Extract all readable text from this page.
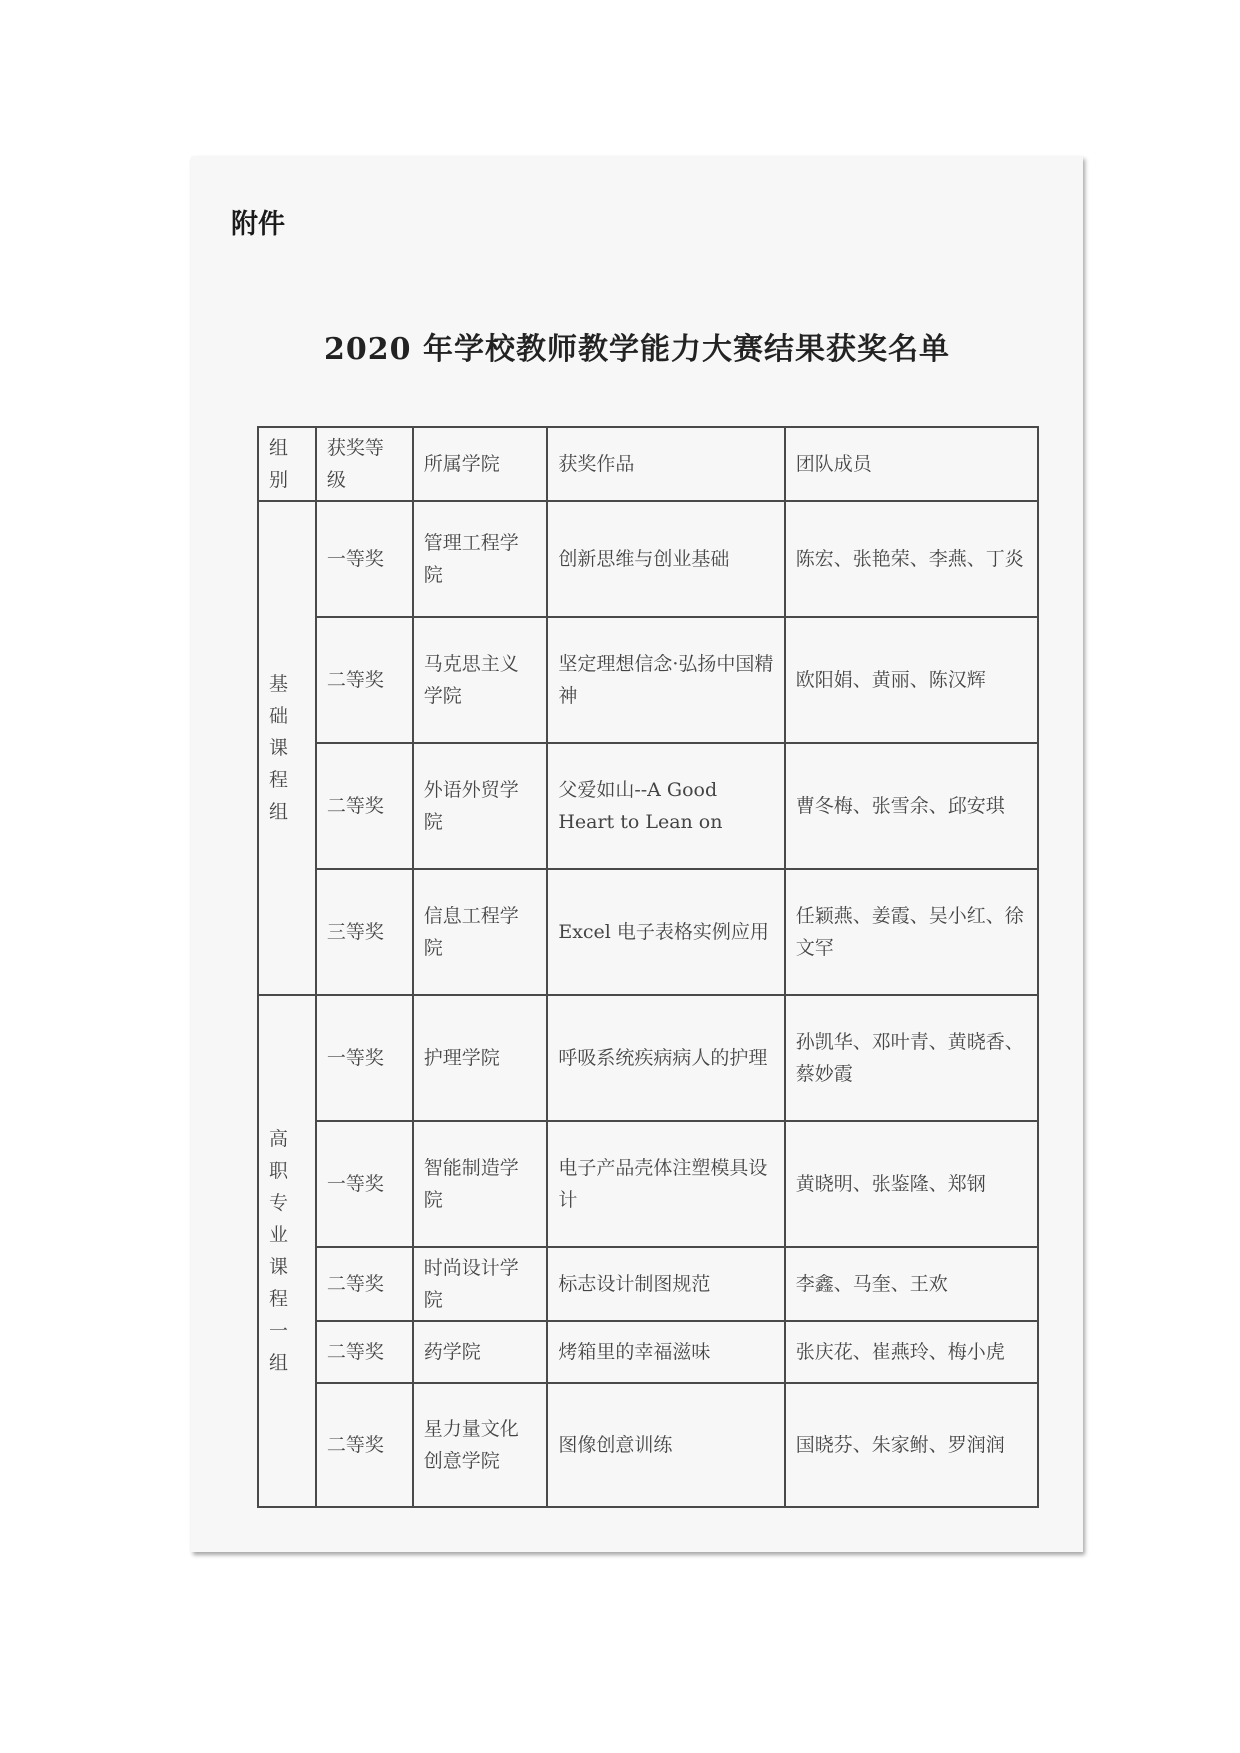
附件

2020 年学校教师教学能力大赛结果获奖名单
组别	获奖等级	所属学院	获奖作品	团队成员
基础课程组	一等奖	管理工程学院	创新思维与创业基础	陈宏、张艳荣、李燕、丁炎
	二等奖	马克思主义学院	坚定理想信念·弘扬中国精神	欧阳娟、黄丽、陈汉辉
	二等奖	外语外贸学院	父爱如山--A Good Heart to Lean on	曹冬梅、张雪余、邱安琪
	三等奖	信息工程学院	Excel 电子表格实例应用	任颖燕、姜霞、吴小红、徐文罕
高职专业课程一组	一等奖	护理学院	呼吸系统疾病病人的护理	孙凯华、邓叶青、黄晓香、蔡妙霞
	一等奖	智能制造学院	电子产品壳体注塑模具设计	黄晓明、张鉴隆、郑钢
	二等奖	时尚设计学院	标志设计制图规范	李鑫、马奎、王欢
	二等奖	药学院	烤箱里的幸福滋味	张庆花、崔燕玲、梅小虎
	二等奖	星力量文化创意学院	图像创意训练	国晓芬、朱家鲋、罗润润
